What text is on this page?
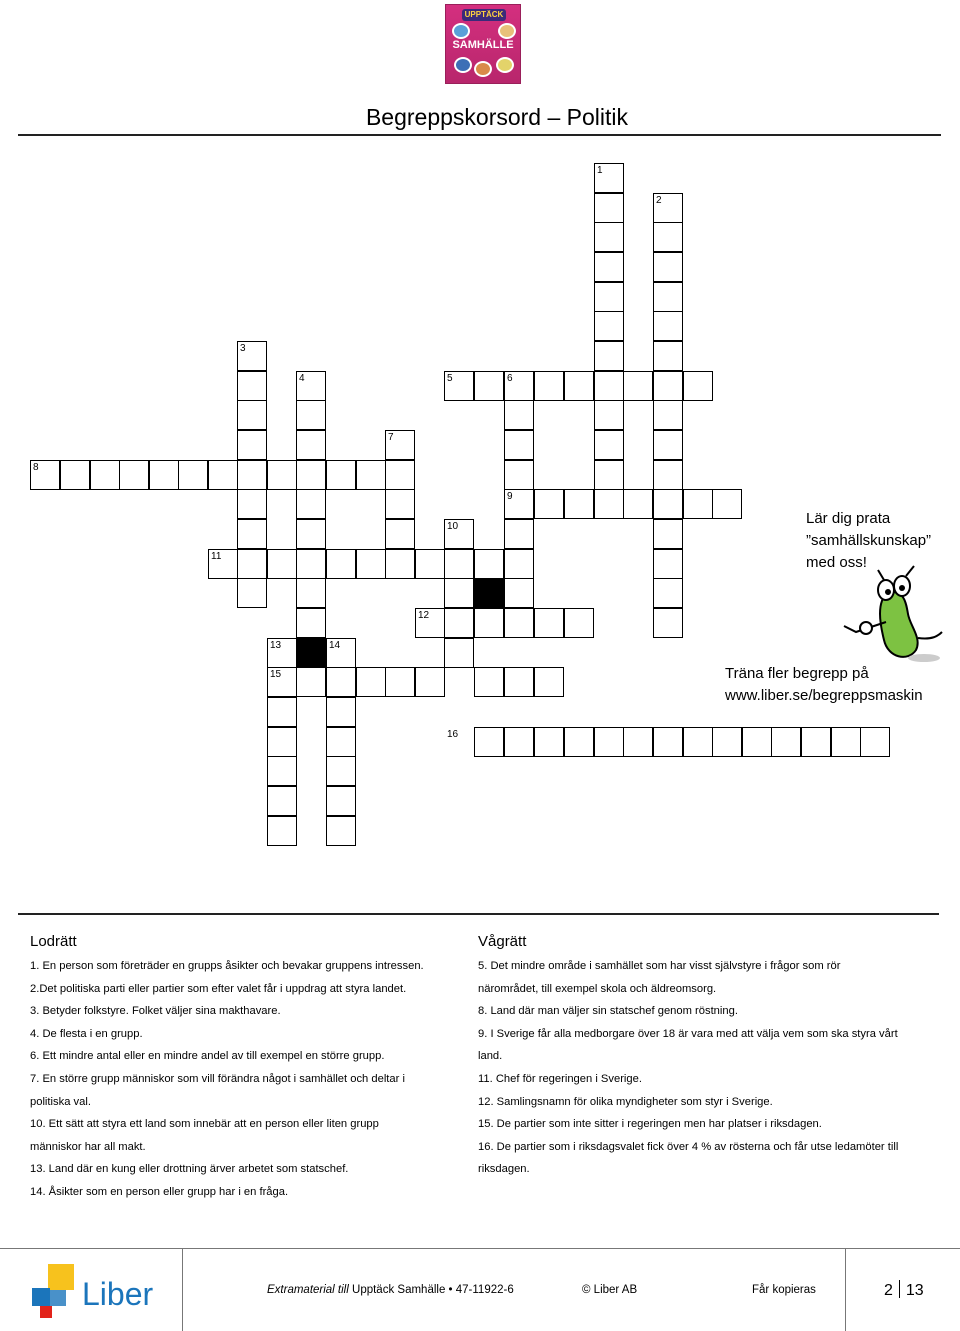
UPPTÄCK
SAMHÄLLE
Begreppskorsord – Politik
1
2
3
4	5	6
7
8
9
10
11
12
13	14
15
16
Lär dig prata
”samhällskunskap”
med oss!
Träna fler begrepp på
www.liber.se/begreppsmaskin
Lodrätt
1. En person som företräder en grupps åsikter och bevakar gruppens intressen.
2.Det politiska parti eller partier som efter valet får i uppdrag att styra landet.
3. Betyder folkstyre. Folket väljer sina makthavare.
4. De flesta i en grupp.
6. Ett mindre antal eller en mindre andel av till exempel en större grupp.
7. En större grupp människor som vill förändra något i samhället och deltar i
politiska val.
10. Ett sätt att styra ett land som innebär att en person eller liten grupp
människor har all makt.
13. Land där en kung eller drottning ärver arbetet som statschef.
14. Åsikter som en person eller grupp har i en fråga.
Vågrätt
5. Det mindre område i samhället som har visst självstyre i frågor som rör
närområdet, till exempel skola och äldreomsorg.
8. Land där man väljer sin statschef genom röstning.
9. I Sverige får alla medborgare över 18 är vara med att välja vem som ska styra vårt
land.
11. Chef för regeringen i Sverige.
12. Samlingsnamn för olika myndigheter som styr i Sverige.
15. De partier som inte sitter i regeringen men har platser i riksdagen.
16. De partier som i riksdagsvalet fick över 4 % av rösterna och får utse ledamöter till
riksdagen.
Liber	Extramaterial till Upptäck Samhälle • 47-11922-6	© Liber AB	Får kopieras	2 13
